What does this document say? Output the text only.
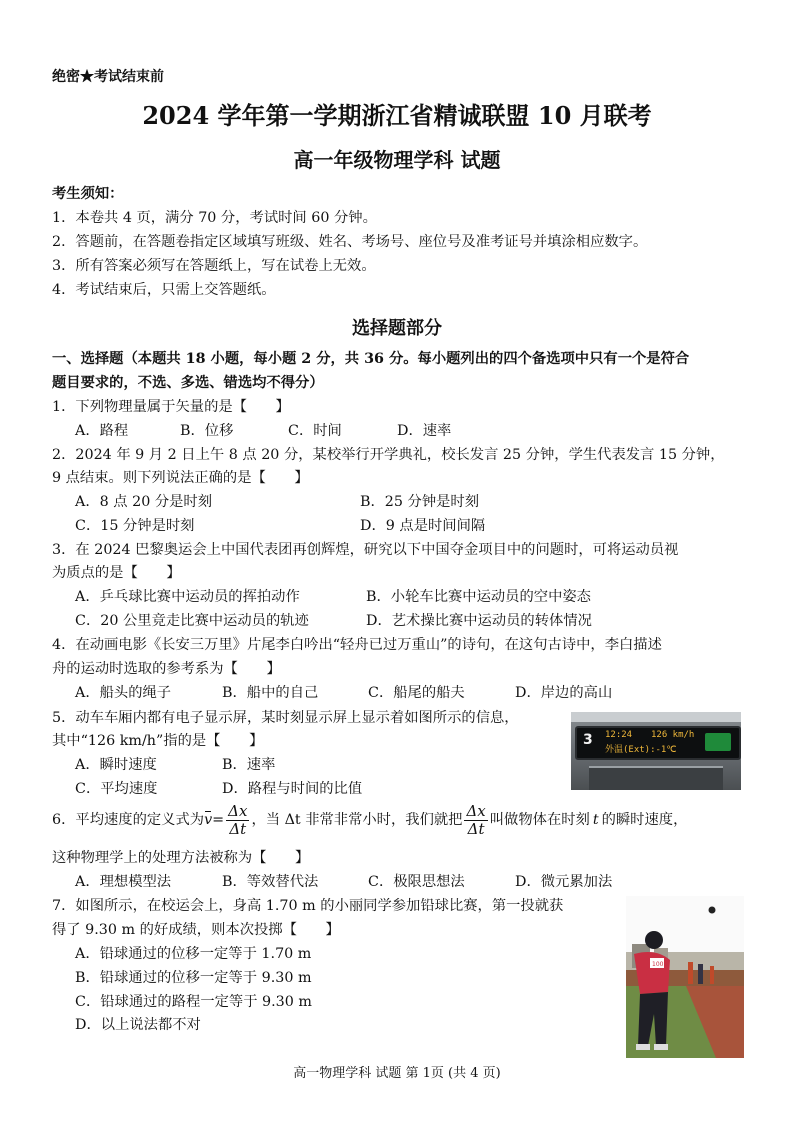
绝密★考试结束前
2024 学年第一学期浙江省精诚联盟 10 月联考
高一年级物理学科 试题
考生须知：
1．本卷共 4 页，满分 70 分，考试时间 60 分钟。
2．答题前，在答题卷指定区域填写班级、姓名、考场号、座位号及准考证号并填涂相应数字。
3．所有答案必须写在答题纸上，写在试卷上无效。
4．考试结束后，只需上交答题纸。
选择题部分
一、选择题（本题共 18 小题，每小题 2 分，共 36 分。每小题列出的四个备选项中只有一个是符合
题目要求的，不选、多选、错选均不得分）
1．下列物理量属于矢量的是【　　】
A．路程	B．位移	C．时间	D．速率
2．2024 年 9 月 2 日上午 8 点 20 分，某校举行开学典礼，校长发言 25 分钟，学生代表发言 15 分钟，
9 点结束。则下列说法正确的是【　　】
A．8 点 20 分是时刻	B．25 分钟是时刻
C．15 分钟是时刻	D．9 点是时间间隔
3．在 2024 巴黎奥运会上中国代表团再创辉煌，研究以下中国夺金项目中的问题时，可将运动员视
为质点的是【　　】
A．乒乓球比赛中运动员的挥拍动作	B．小轮车比赛中运动员的空中姿态
C．20 公里竞走比赛中运动员的轨迹	D．艺术操比赛中运动员的转体情况
4．在动画电影《长安三万里》片尾李白吟出“轻舟已过万重山”的诗句，在这句古诗中，李白描述
舟的运动时选取的参考系为【　　】
A．船头的绳子	B．船中的自己	C．船尾的船夫	D．岸边的高山
5．动车车厢内都有电子显示屏，某时刻显示屏上显示着如图所示的信息，
其中“126 km/h”指的是【　　】
A．瞬时速度	B．速率
C．平均速度	D．路程与时间的比值
3 12:24 126 km/h
外温(Ext):-1℃
6．平均速度的定义式为 $v = \frac{\Delta x}{\Delta t}$ ，当 Δt 非常非常小时，我们就把 $\frac{\Delta x}{\Delta t}$ 叫做物体在时刻 t 的瞬时速度，
这种物理学上的处理方法被称为【　　】
A．理想模型法	B．等效替代法	C．极限思想法	D．微元累加法
7．如图所示，在校运会上，身高 1.70 m 的小丽同学参加铅球比赛，第一投就获
得了 9.30 m 的好成绩，则本次投掷【　　】
A．铅球通过的位移一定等于 1.70 m
B．铅球通过的位移一定等于 9.30 m
C．铅球通过的路程一定等于 9.30 m
D．以上说法都不对
1005
高一物理学科 试题 第 1页 (共 4 页)
